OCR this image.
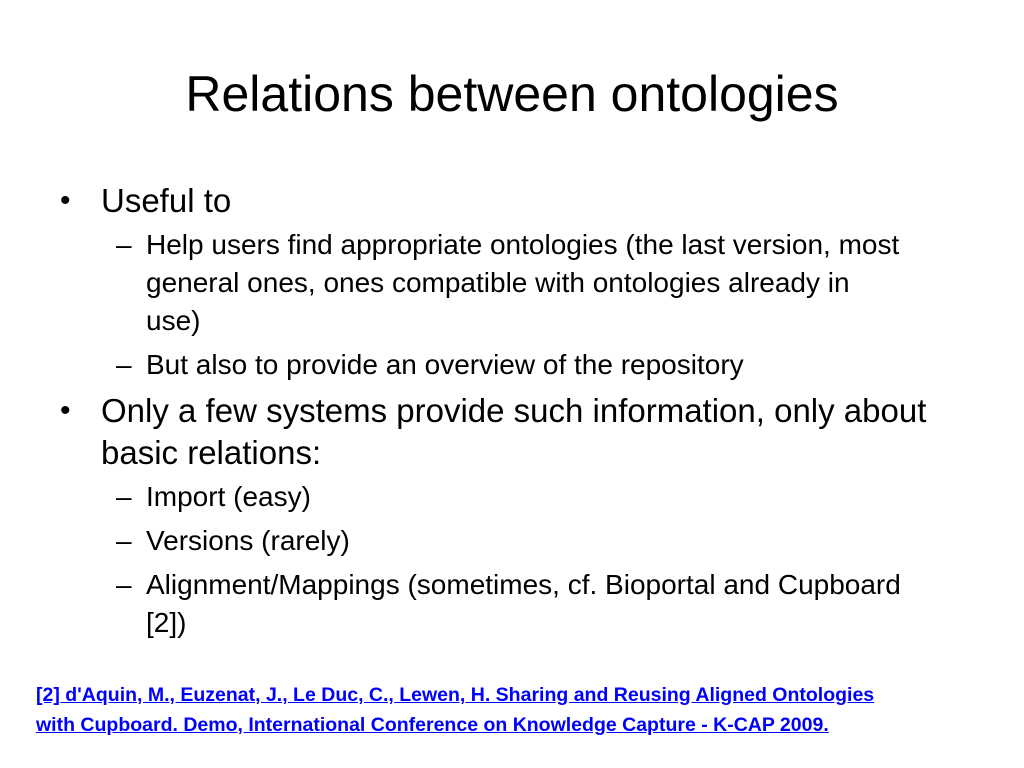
Relations between ontologies
• Useful to
– Help users find appropriate ontologies (the last version, most general ones, ones compatible with ontologies already in use)
– But also to provide an overview of the repository
• Only a few systems provide such information, only about basic relations:
– Import (easy)
– Versions (rarely)
– Alignment/Mappings (sometimes, cf. Bioportal and Cupboard [2])
[2] d'Aquin, M., Euzenat, J., Le Duc, C., Lewen, H. Sharing and Reusing Aligned Ontologies
with Cupboard. Demo, International Conference on Knowledge Capture - K-CAP 2009.
